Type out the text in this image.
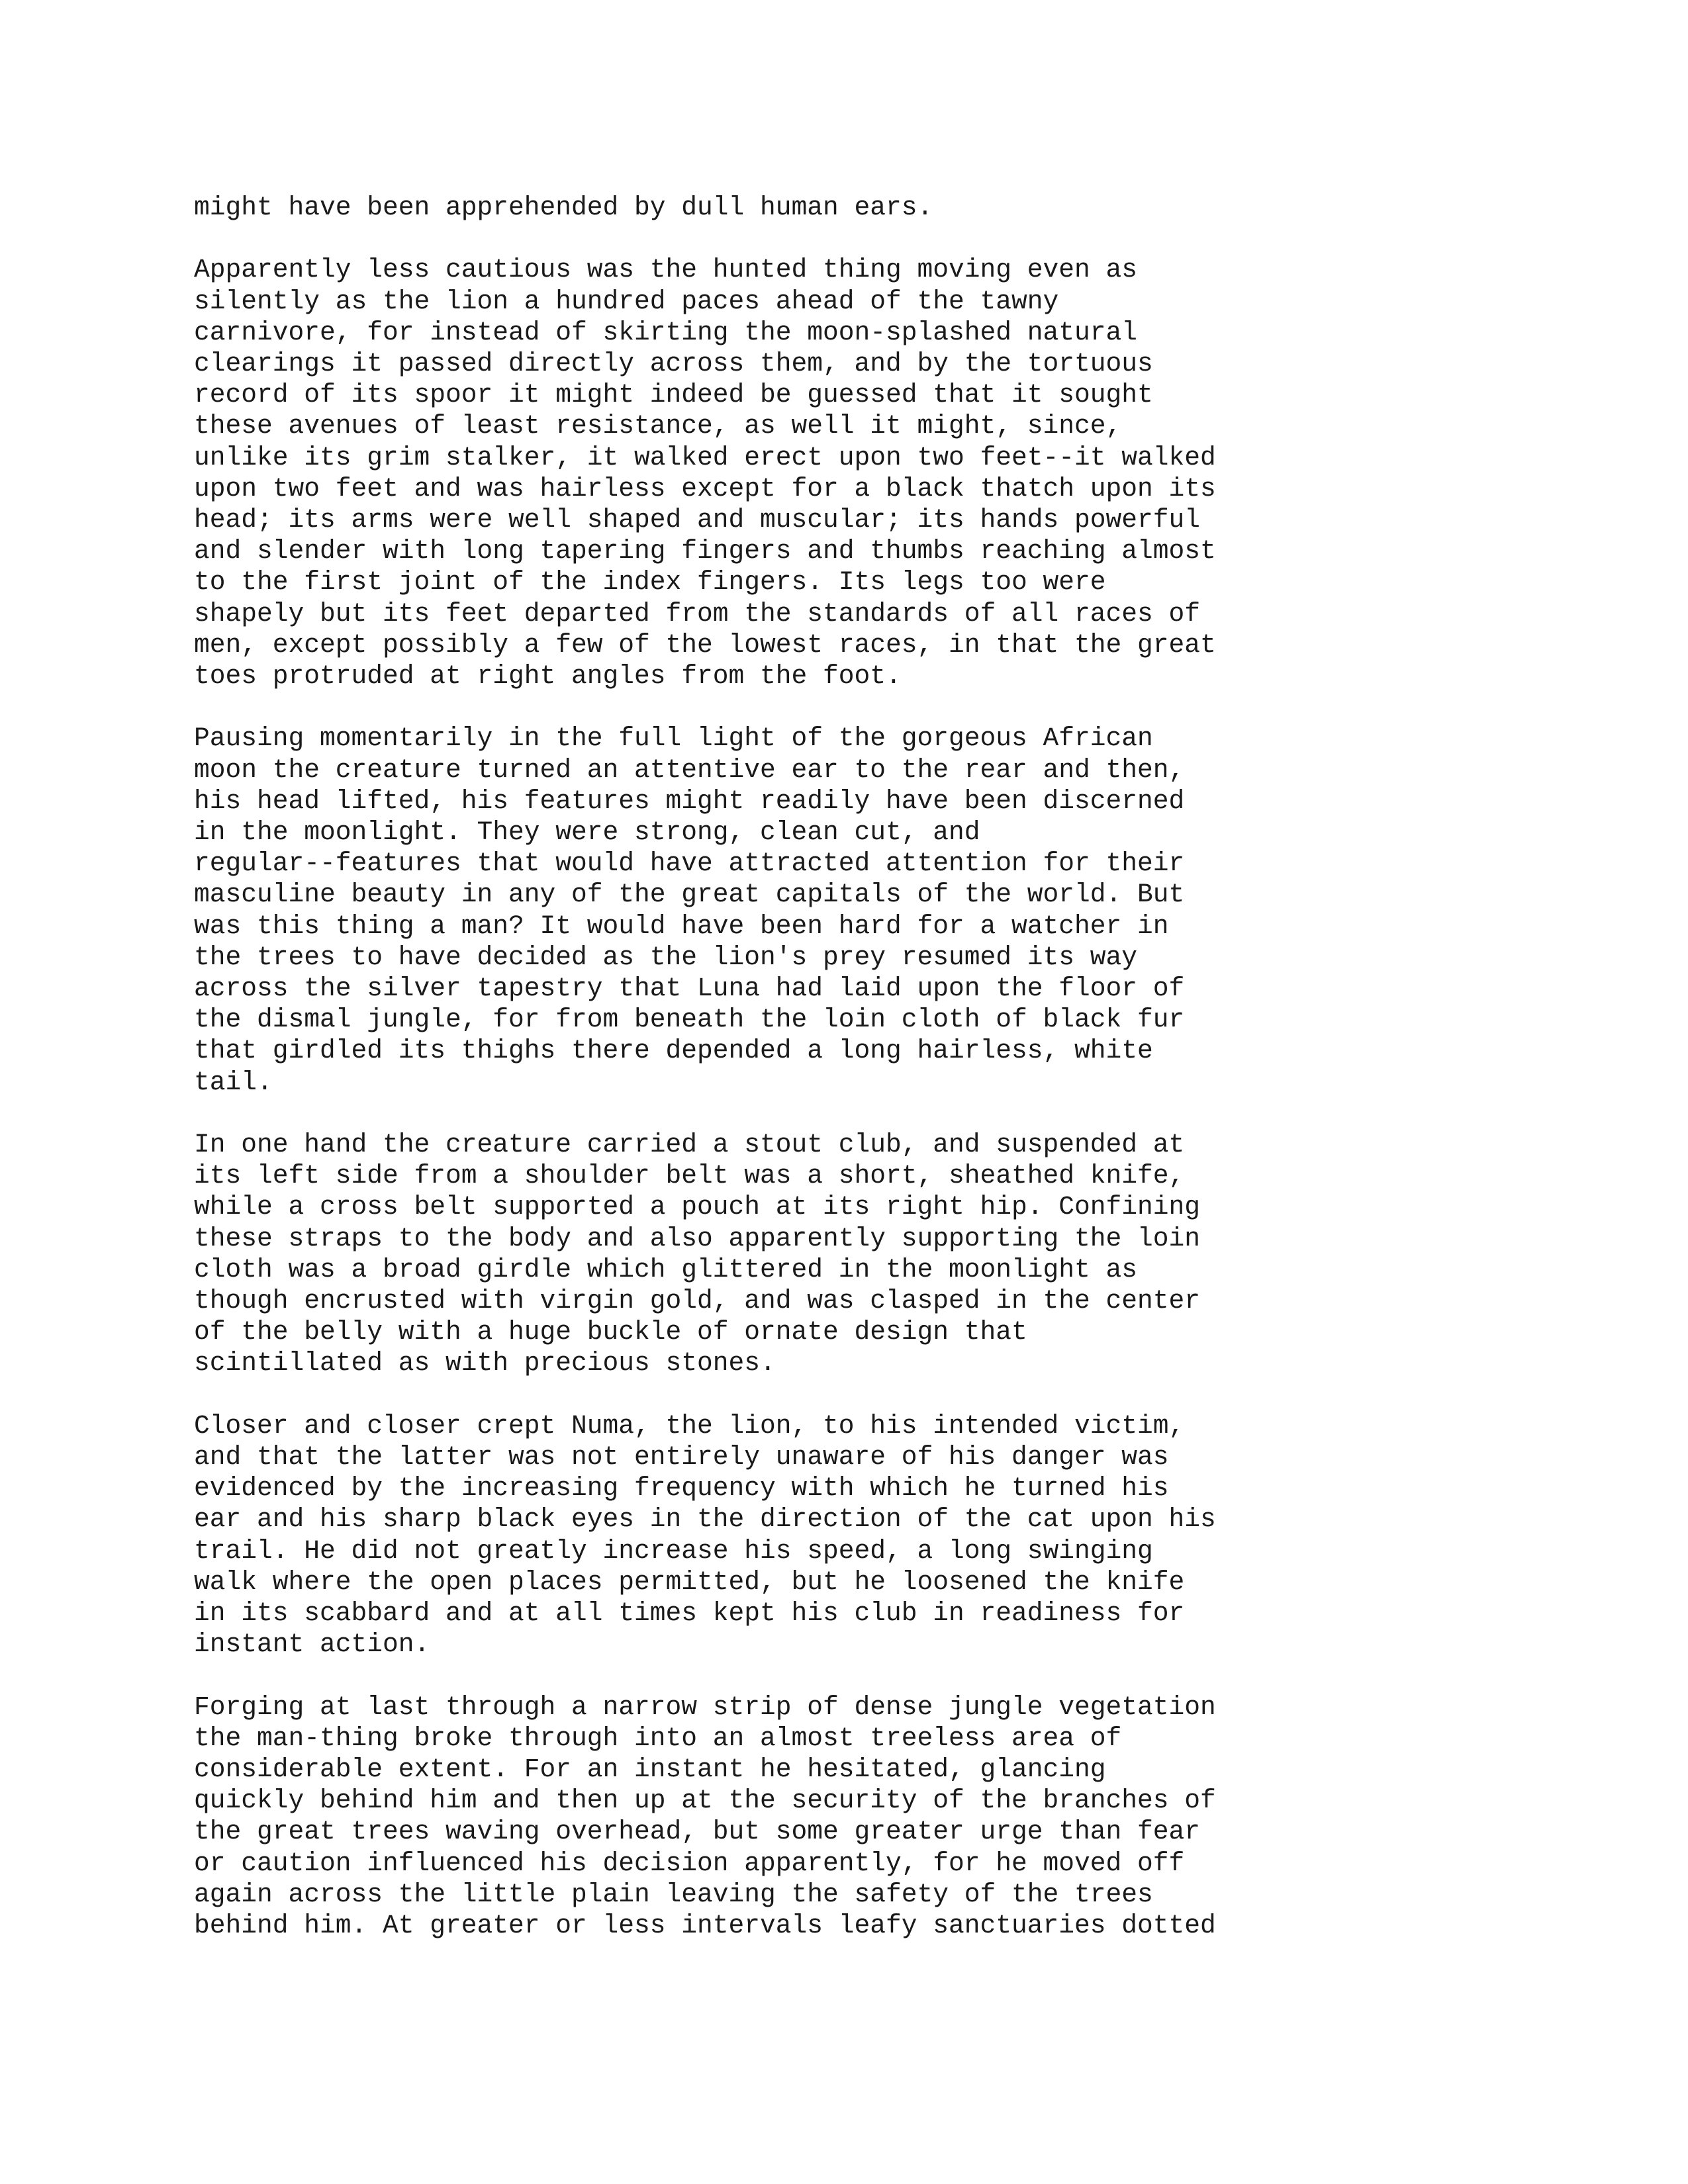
might have been apprehended by dull human ears.

Apparently less cautious was the hunted thing moving even as
silently as the lion a hundred paces ahead of the tawny
carnivore, for instead of skirting the moon-splashed natural
clearings it passed directly across them, and by the tortuous
record of its spoor it might indeed be guessed that it sought
these avenues of least resistance, as well it might, since,
unlike its grim stalker, it walked erect upon two feet--it walked
upon two feet and was hairless except for a black thatch upon its
head; its arms were well shaped and muscular; its hands powerful
and slender with long tapering fingers and thumbs reaching almost
to the first joint of the index fingers. Its legs too were
shapely but its feet departed from the standards of all races of
men, except possibly a few of the lowest races, in that the great
toes protruded at right angles from the foot.

Pausing momentarily in the full light of the gorgeous African
moon the creature turned an attentive ear to the rear and then,
his head lifted, his features might readily have been discerned
in the moonlight. They were strong, clean cut, and
regular--features that would have attracted attention for their
masculine beauty in any of the great capitals of the world. But
was this thing a man? It would have been hard for a watcher in
the trees to have decided as the lion's prey resumed its way
across the silver tapestry that Luna had laid upon the floor of
the dismal jungle, for from beneath the loin cloth of black fur
that girdled its thighs there depended a long hairless, white
tail.

In one hand the creature carried a stout club, and suspended at
its left side from a shoulder belt was a short, sheathed knife,
while a cross belt supported a pouch at its right hip. Confining
these straps to the body and also apparently supporting the loin
cloth was a broad girdle which glittered in the moonlight as
though encrusted with virgin gold, and was clasped in the center
of the belly with a huge buckle of ornate design that
scintillated as with precious stones.

Closer and closer crept Numa, the lion, to his intended victim,
and that the latter was not entirely unaware of his danger was
evidenced by the increasing frequency with which he turned his
ear and his sharp black eyes in the direction of the cat upon his
trail. He did not greatly increase his speed, a long swinging
walk where the open places permitted, but he loosened the knife
in its scabbard and at all times kept his club in readiness for
instant action.

Forging at last through a narrow strip of dense jungle vegetation
the man-thing broke through into an almost treeless area of
considerable extent. For an instant he hesitated, glancing
quickly behind him and then up at the security of the branches of
the great trees waving overhead, but some greater urge than fear
or caution influenced his decision apparently, for he moved off
again across the little plain leaving the safety of the trees
behind him. At greater or less intervals leafy sanctuaries dotted
